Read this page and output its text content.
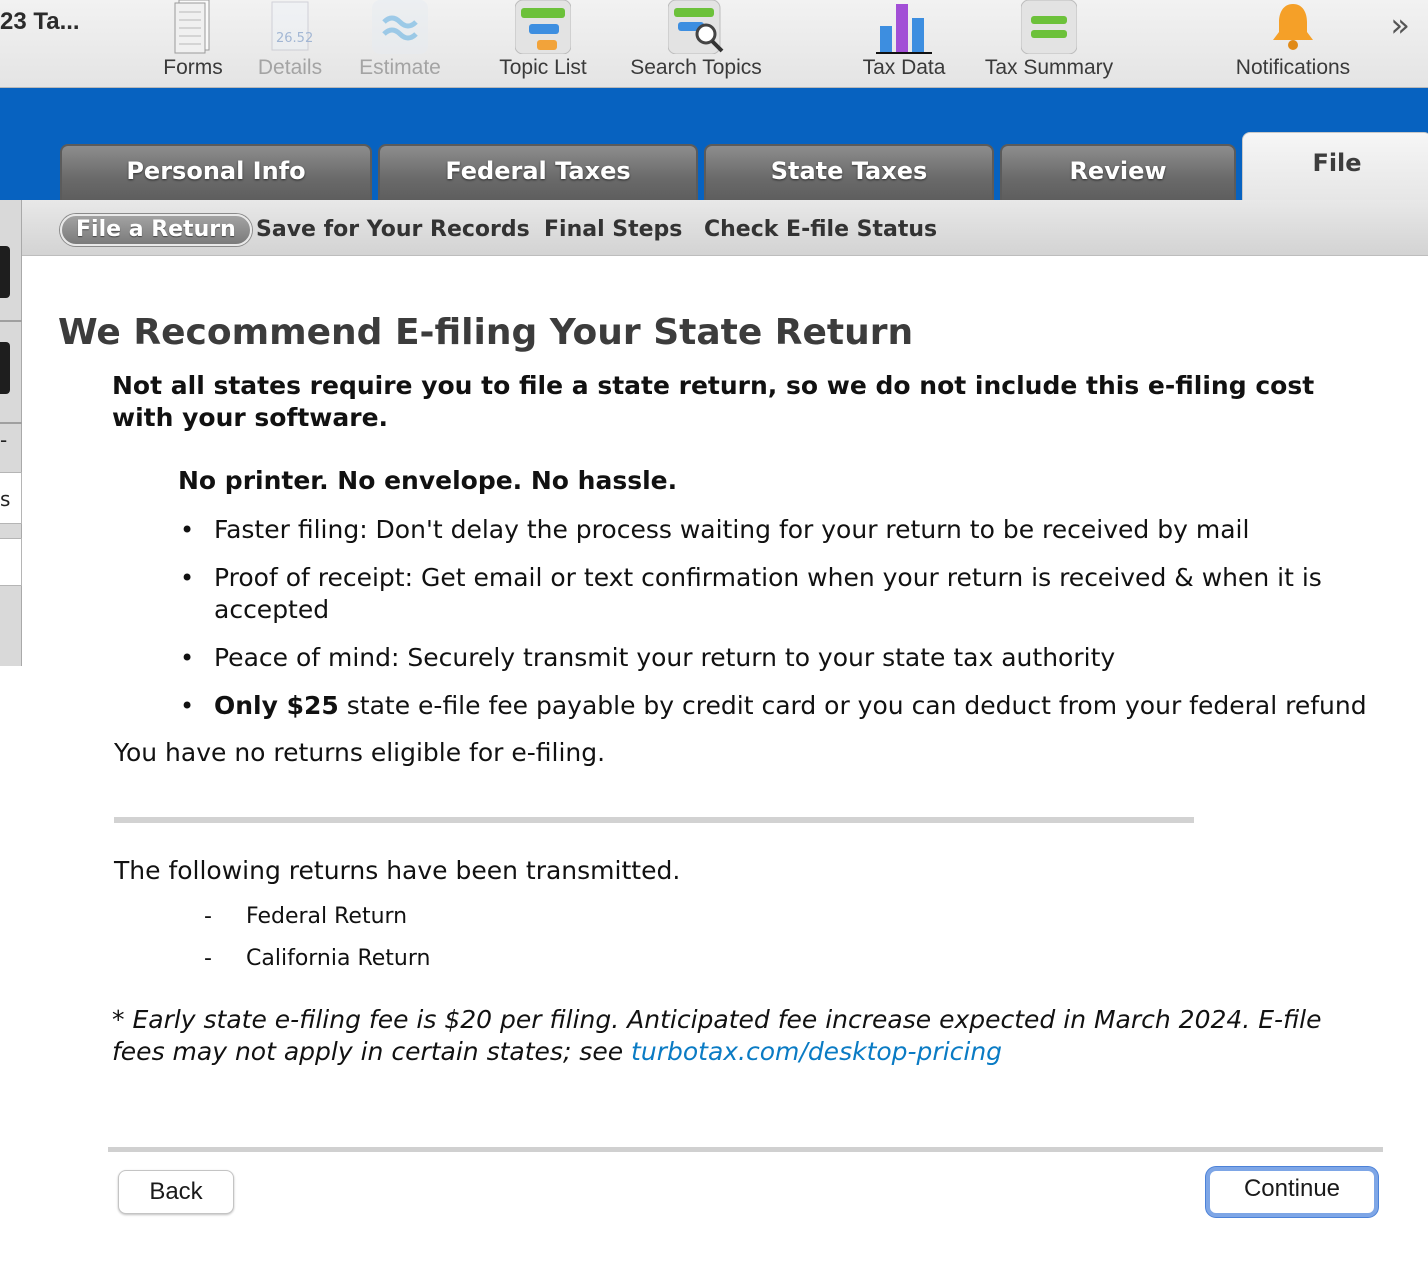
23 Ta...
Forms
26.52
Details	Estimate	Topic List	Search Topics	Tax Data	Tax Summary	Notifications
»
Personal Info	Federal Taxes	State Taxes	Review	File
File a Return Save for Your Records Final Steps Check E-file Status
-
s
We Recommend E-filing Your State Return
Not all states require you to file a state return, so we do not include this e-filing cost with your software.
No printer. No envelope. No hassle.
• Faster filing: Don't delay the process waiting for your return to be received by mail
• Proof of receipt: Get email or text confirmation when your return is received & when it is accepted
• Peace of mind: Securely transmit your return to your state tax authority
• Only $25 state e-file fee payable by credit card or you can deduct from your federal refund
You have no returns eligible for e-filing.
The following returns have been transmitted.
- Federal Return
- California Return
* Early state e-filing fee is $20 per filing. Anticipated fee increase expected in March 2024. E-file fees may not apply in certain states; see turbotax.com/desktop-pricing
Back	Continue
